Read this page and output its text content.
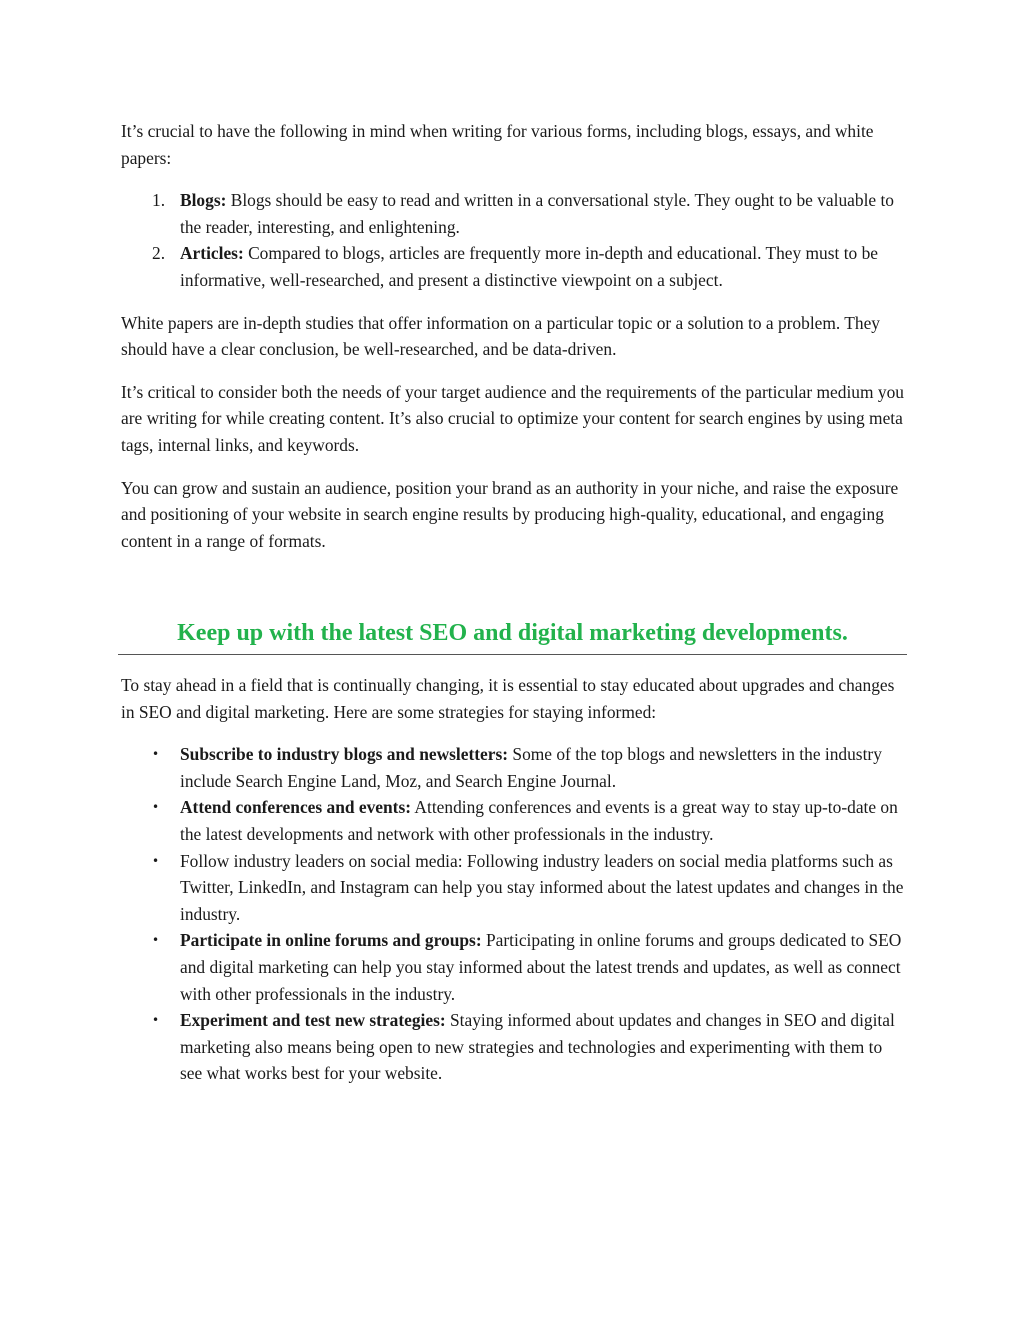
It’s crucial to have the following in mind when writing for various forms, including blogs, essays, and white papers:

1. Blogs: Blogs should be easy to read and written in a conversational style. They ought to be valuable to the reader, interesting, and enlightening.
2. Articles: Compared to blogs, articles are frequently more in-depth and educational. They must to be informative, well-researched, and present a distinctive viewpoint on a subject.

White papers are in-depth studies that offer information on a particular topic or a solution to a problem. They should have a clear conclusion, be well-researched, and be data-driven.

It’s critical to consider both the needs of your target audience and the requirements of the particular medium you are writing for while creating content. It’s also crucial to optimize your content for search engines by using meta tags, internal links, and keywords.

You can grow and sustain an audience, position your brand as an authority in your niche, and raise the exposure and positioning of your website in search engine results by producing high-quality, educational, and engaging content in a range of formats.

Keep up with the latest SEO and digital marketing developments.

To stay ahead in a field that is continually changing, it is essential to stay educated about upgrades and changes in SEO and digital marketing. Here are some strategies for staying informed:

• Subscribe to industry blogs and newsletters: Some of the top blogs and newsletters in the industry include Search Engine Land, Moz, and Search Engine Journal.
• Attend conferences and events: Attending conferences and events is a great way to stay up-to-date on the latest developments and network with other professionals in the industry.
• Follow industry leaders on social media: Following industry leaders on social media platforms such as Twitter, LinkedIn, and Instagram can help you stay informed about the latest updates and changes in the industry.
• Participate in online forums and groups: Participating in online forums and groups dedicated to SEO and digital marketing can help you stay informed about the latest trends and updates, as well as connect with other professionals in the industry.
• Experiment and test new strategies: Staying informed about updates and changes in SEO and digital marketing also means being open to new strategies and technologies and experimenting with them to see what works best for your website.
